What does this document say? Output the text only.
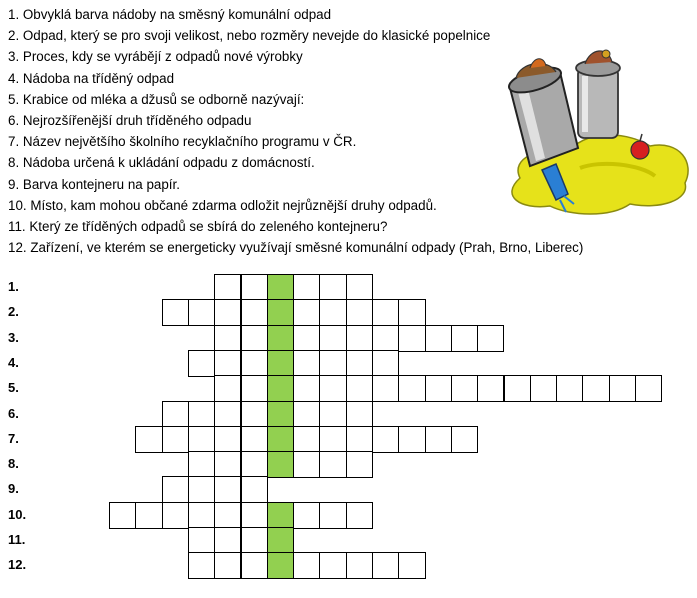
1. Obvyklá barva nádoby na směsný komunální odpad
2. Odpad, který se pro svoji velikost, nebo rozměry nevejde do klasické popelnice
3. Proces, kdy se vyrábějí z odpadů nové výrobky
4. Nádoba na tříděný odpad
5. Krabice od mléka a džusů se odborně nazývají:
6. Nejrozšířenější druh tříděného odpadu
7. Název největšího školního recyklačního programu v ČR.
8. Nádoba určená k ukládání odpadu z domácností.
9. Barva kontejneru na papír.
10. Místo, kam mohou občané zdarma odložit nejrůznější druhy odpadů.
11. Který ze tříděných odpadů se sbírá do zeleného kontejneru?
12. Zařízení, ve kterém se energeticky využívají směsné komunální odpady (Prah, Brno, Liberec)
1.
2.
3.
4.
5.
6.
7.
8.
9.
10.
11.
12.
